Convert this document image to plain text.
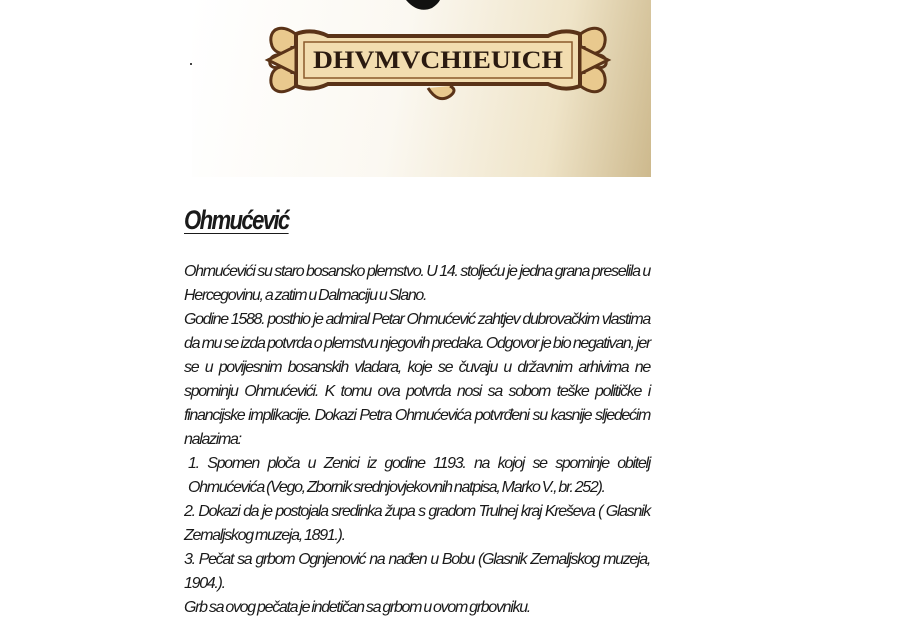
DHVMVCHIEUICH
Ohmućević

Ohmućevići su staro bosansko plemstvo. U 14. stoljeću je jedna grana preselila u Hercegovinu, a zatim u Dalmaciju u Slano.

Godine 1588. posthio je admiral Petar Ohmućević zahtjev dubrovačkim vlastima da mu se izda potvrda o plemstvu njegovih predaka. Odgovor je bio negativan, jer se u povijesnim bosanskih vladara, koje se čuvaju u državnim arhivima ne spominju Ohmućevići. K tomu ova potvrda nosi sa sobom teške političke i financijske implikacije. Dokazi Petra Ohmućevića potvrđeni su kasnije sljedećim nalazima:

1. Spomen ploča u Zenici iz godine 1193. na kojoj se spominje obitelj Ohmućevića (Vego, Zbornik srednjovjekovnih natpisa, Marko V., br. 252).

2. Dokazi da je postojala sredinka župa s gradom Trulnej kraj Kreševa ( Glasnik Zemaljskog muzeja, 1891.).

3. Pečat sa grbom Ognjenović na nađen u Bobu (Glasnik Zemaljskog muzeja, 1904.).

Grb sa ovog pečata je indetičan sa grbom u ovom grbovniku.
